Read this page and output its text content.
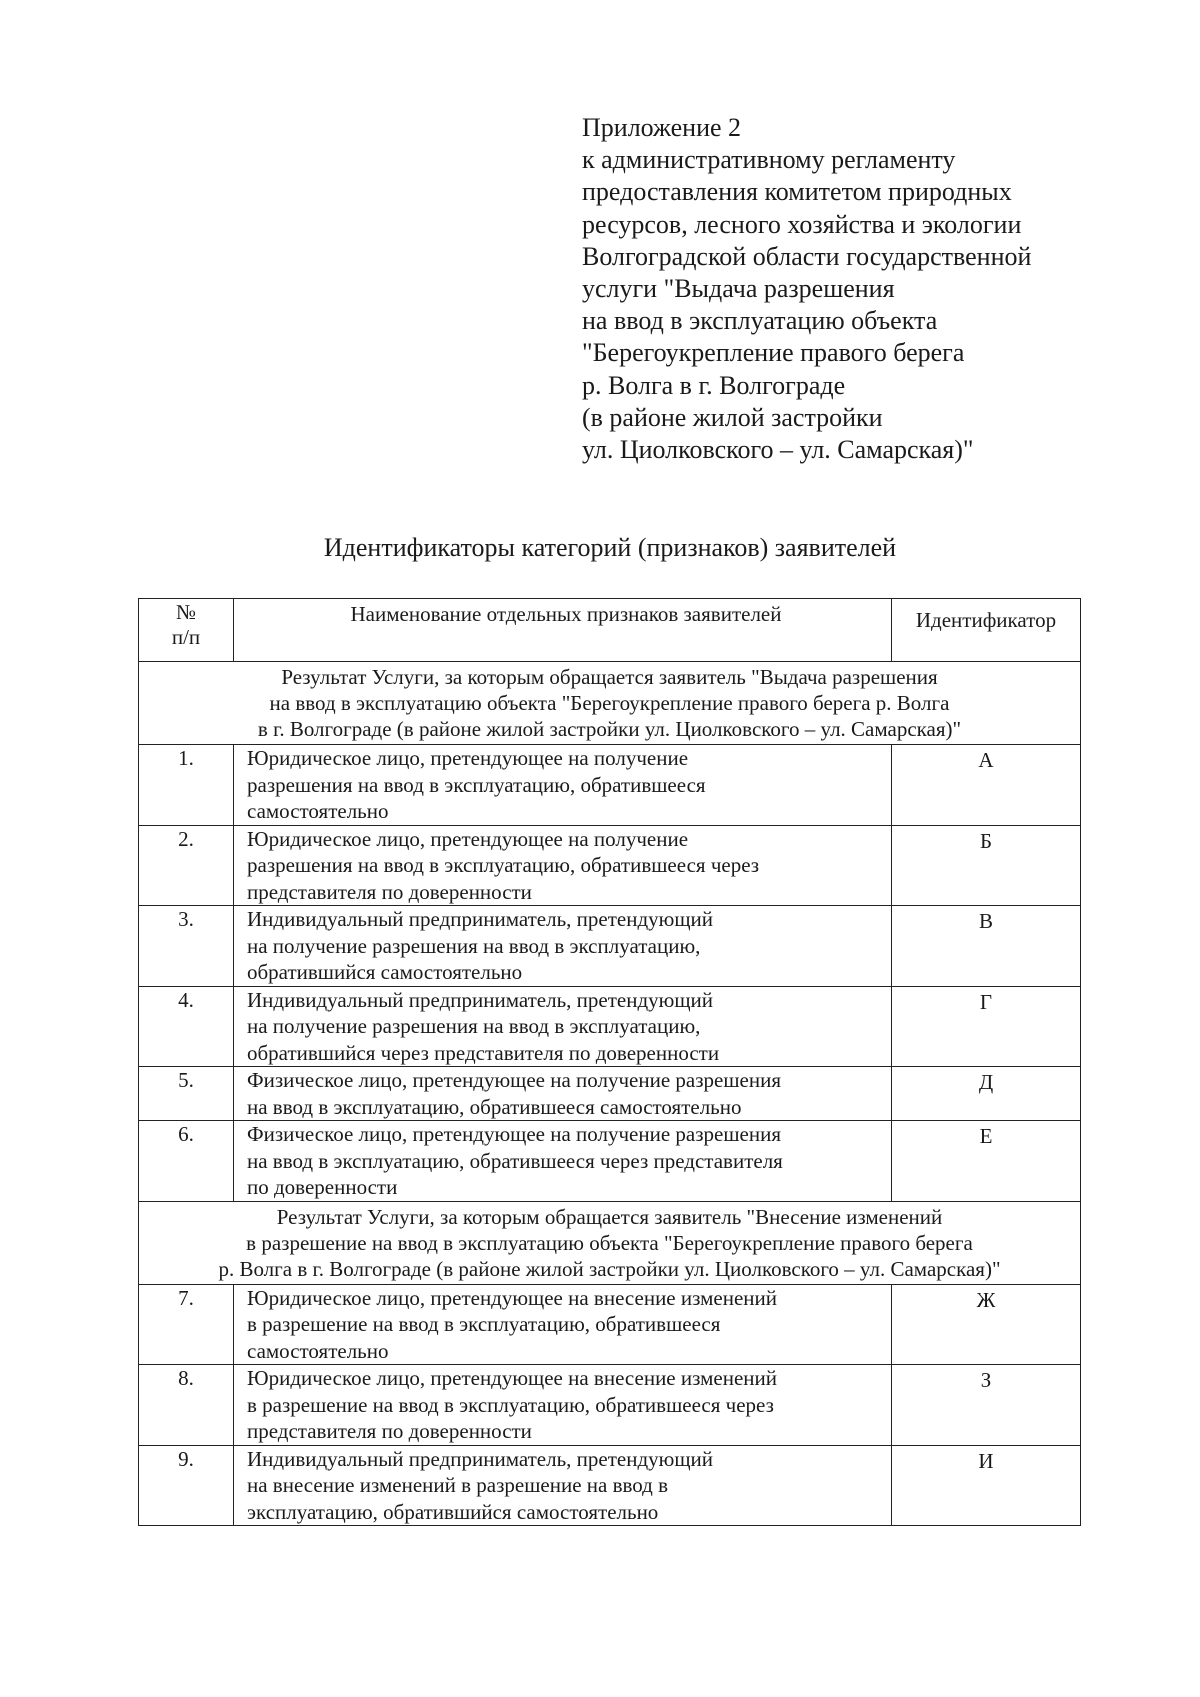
Приложение 2
к административному регламенту
предоставления комитетом природных
ресурсов, лесного хозяйства и экологии
Волгоградской области государственной
услуги "Выдача разрешения
на ввод в эксплуатацию объекта
"Берегоукрепление правого берега
р. Волга в г. Волгограде
(в районе жилой застройки
ул. Циолковского – ул. Самарская)"
Идентификаторы категорий (признаков) заявителей
№
п/п	Наименование отдельных признаков заявителей	Идентификатор

Результат Услуги, за которым обращается заявитель "Выдача разрешения
на ввод в эксплуатацию объекта "Берегоукрепление правого берега р. Волга
в г. Волгограде (в районе жилой застройки ул. Циолковского – ул. Самарская)"		

1.	Юридическое лицо, претендующее на получение
разрешения на ввод в эксплуатацию, обратившееся
самостоятельно	А
2.	Юридическое лицо, претендующее на получение
разрешения на ввод в эксплуатацию, обратившееся через
представителя по доверенности	Б
3.	Индивидуальный предприниматель, претендующий
на получение разрешения на ввод в эксплуатацию,
обратившийся самостоятельно	В
4.	Индивидуальный предприниматель, претендующий
на получение разрешения на ввод в эксплуатацию,
обратившийся через представителя по доверенности	Г
5.	Физическое лицо, претендующее на получение разрешения
на ввод в эксплуатацию, обратившееся самостоятельно	Д
6.	Физическое лицо, претендующее на получение разрешения
на ввод в эксплуатацию, обратившееся через представителя
по доверенности	Е

Результат Услуги, за которым обращается заявитель "Внесение изменений
в разрешение на ввод в эксплуатацию объекта "Берегоукрепление правого берега
р. Волга в г. Волгограде (в районе жилой застройки ул. Циолковского – ул. Самарская)"		

7.	Юридическое лицо, претендующее на внесение изменений
в разрешение на ввод в эксплуатацию, обратившееся
самостоятельно	Ж
8.	Юридическое лицо, претендующее на внесение изменений
в разрешение на ввод в эксплуатацию, обратившееся через
представителя по доверенности	З
9.	Индивидуальный предприниматель, претендующий
на внесение изменений в разрешение на ввод в
эксплуатацию, обратившийся самостоятельно	И
